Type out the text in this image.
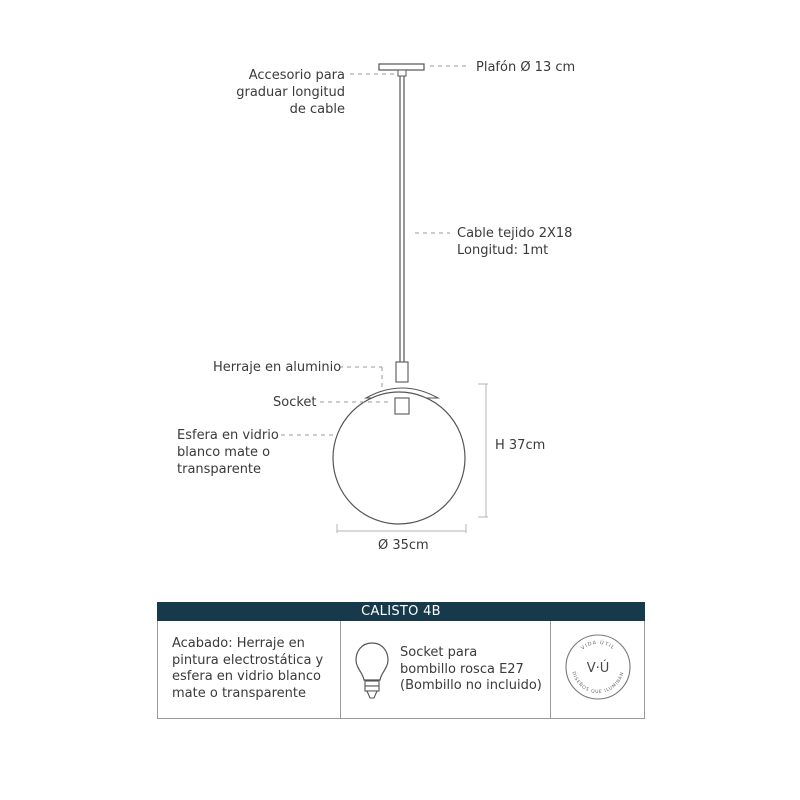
Plafón Ø 13 cm
Accesorio para
graduar longitud
de cable
Cable tejido 2X18
Longitud: 1mt
Herraje en aluminio
Socket
Esfera en vidrio
blanco mate o
transparente
H 37cm
Ø 35cm
CALISTO 4B
Acabado: Herraje en
pintura electrostática y
esfera en vidrio blanco
mate o transparente
Socket para
bombillo rosca E27
(Bombillo no incluido)
VIDA ÚTIL
DISEÑOS QUE ILUMINAN
V·Ú
